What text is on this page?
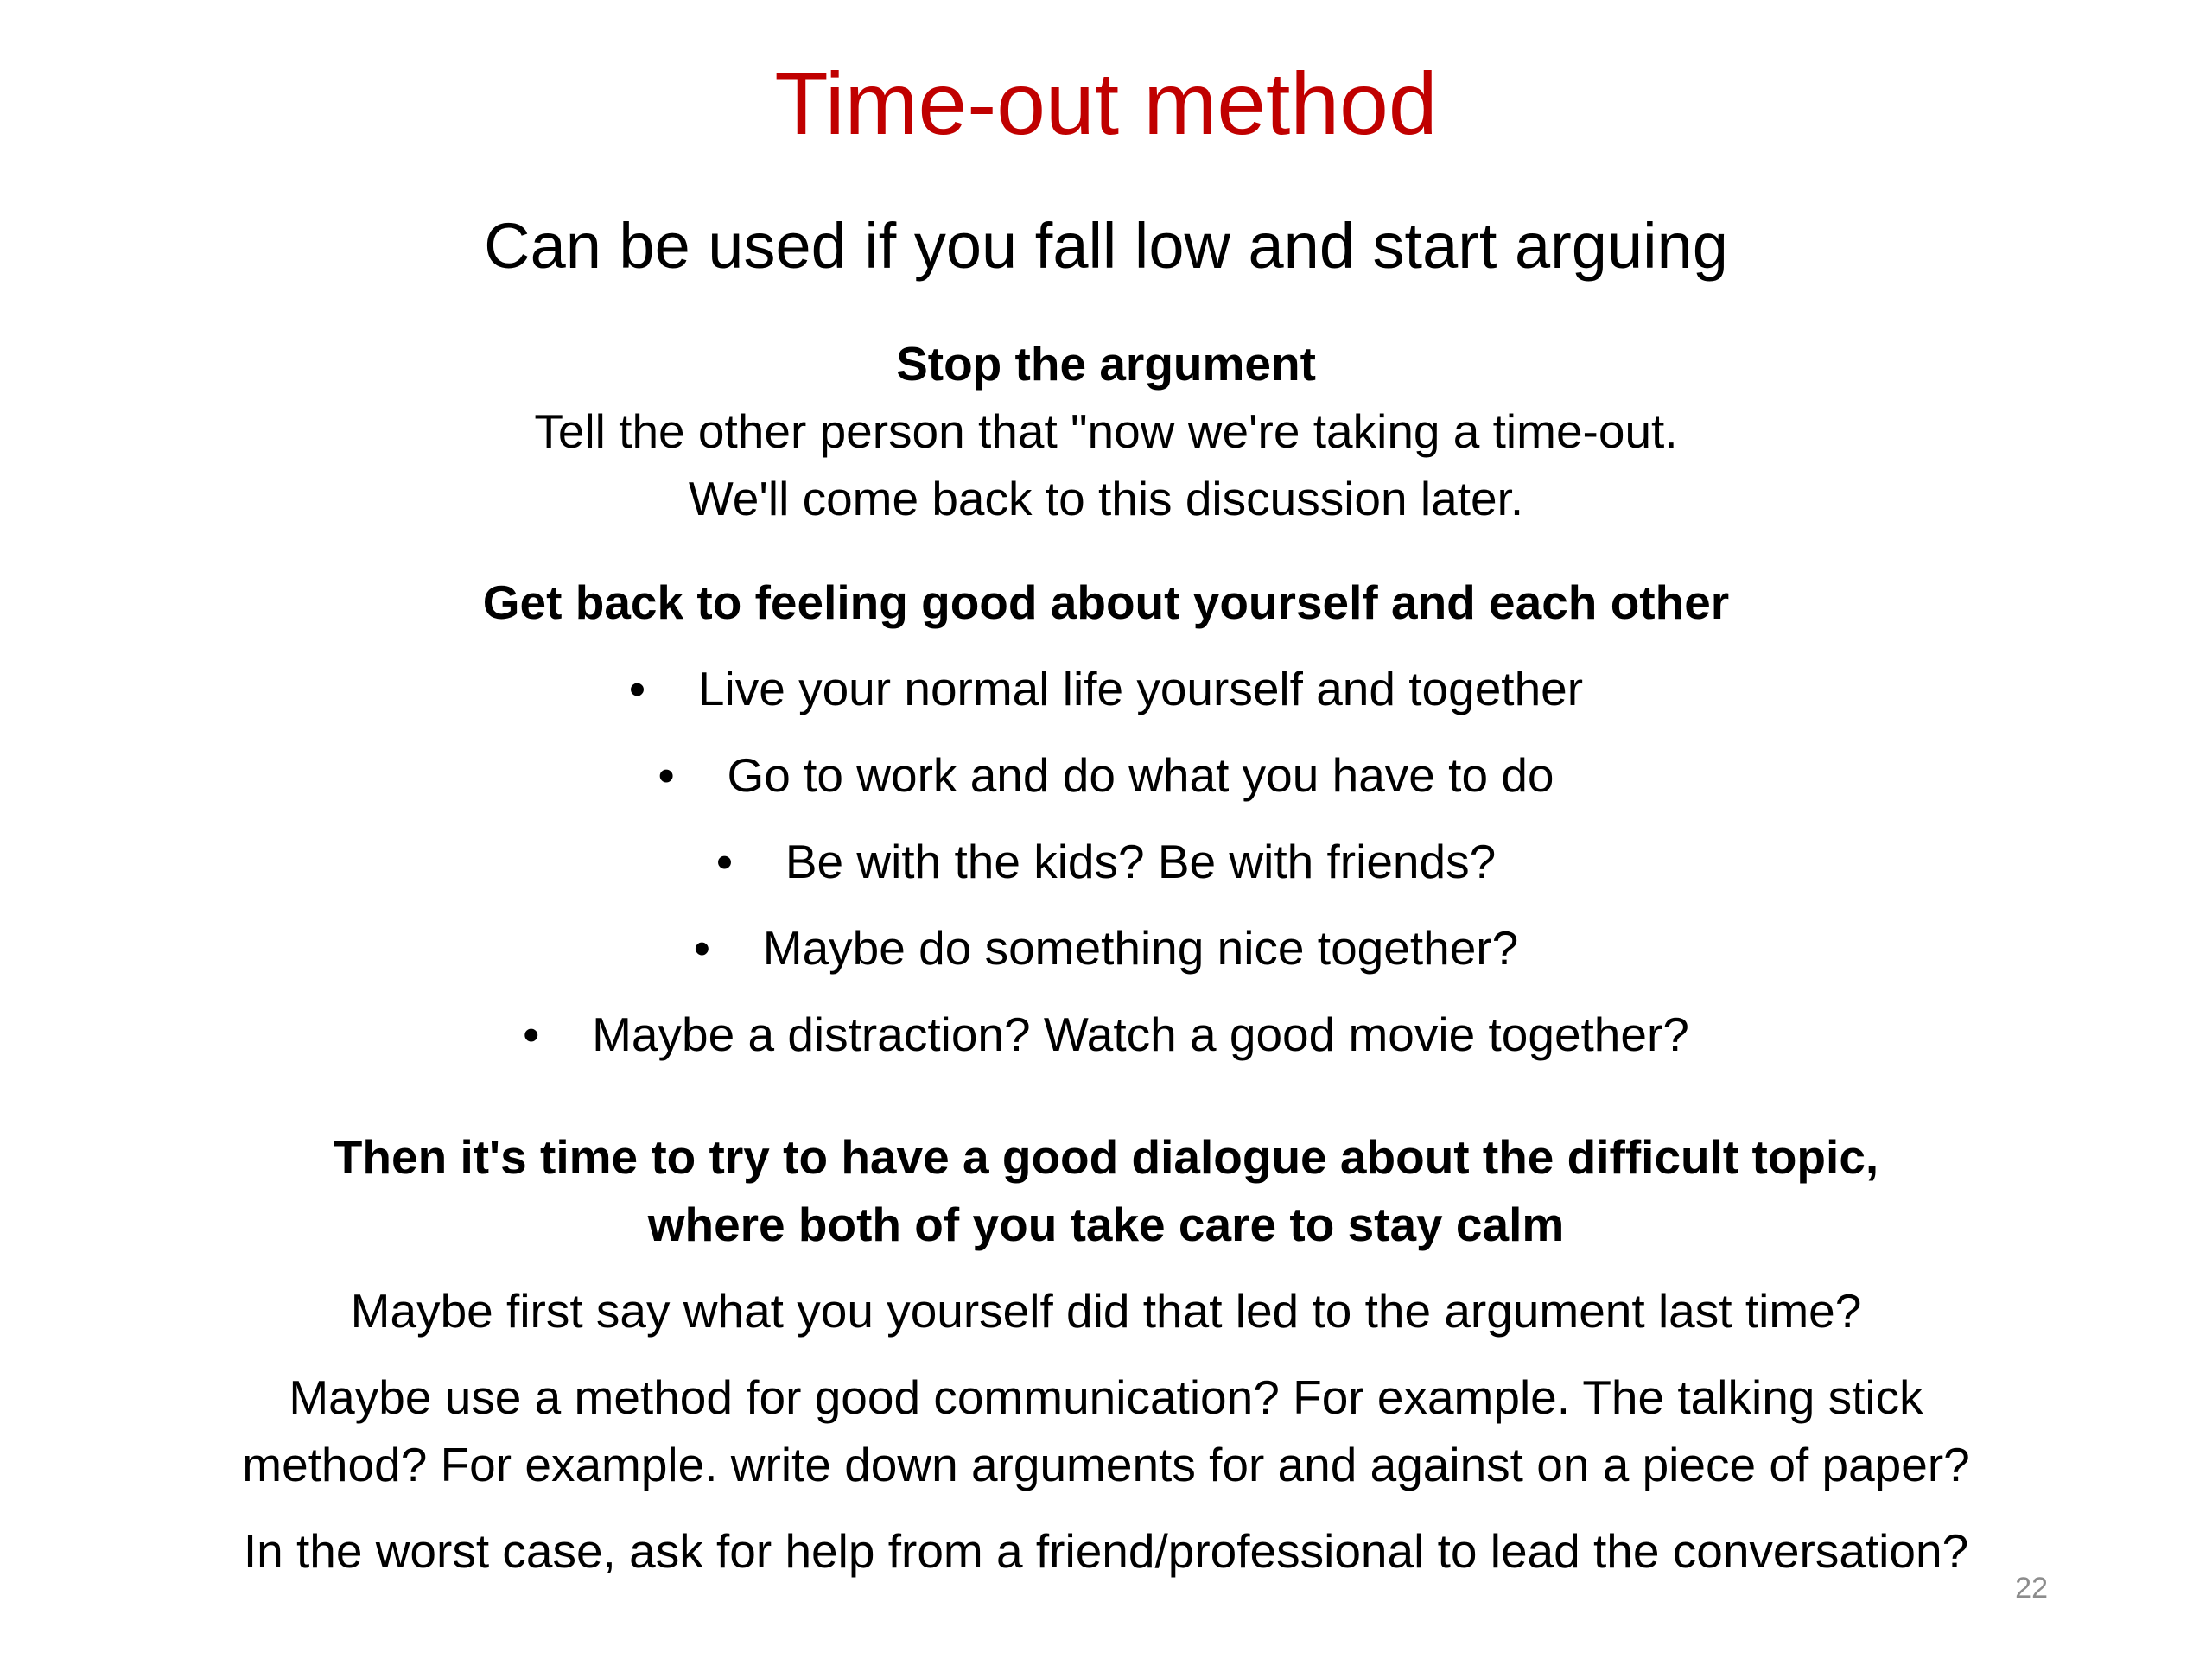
Time-out method
Can be used if you fall low and start arguing
Stop the argument
Tell the other person that "now we're taking a time-out.
We'll come back to this discussion later.
Get back to feeling good about yourself and each other
•	Live your normal life yourself and together
•	Go to work and do what you have to do
•	Be with the kids? Be with friends?
•	Maybe do something nice together?
•	Maybe a distraction? Watch a good movie together?
Then it's time to try to have a good dialogue about the difficult topic,
where both of you take care to stay calm
Maybe first say what you yourself did that led to the argument last time?
Maybe use a method for good communication? For example. The talking stick
method? For example. write down arguments for and against on a piece of paper?
In the worst case, ask for help from a friend/professional to lead the conversation?
22
